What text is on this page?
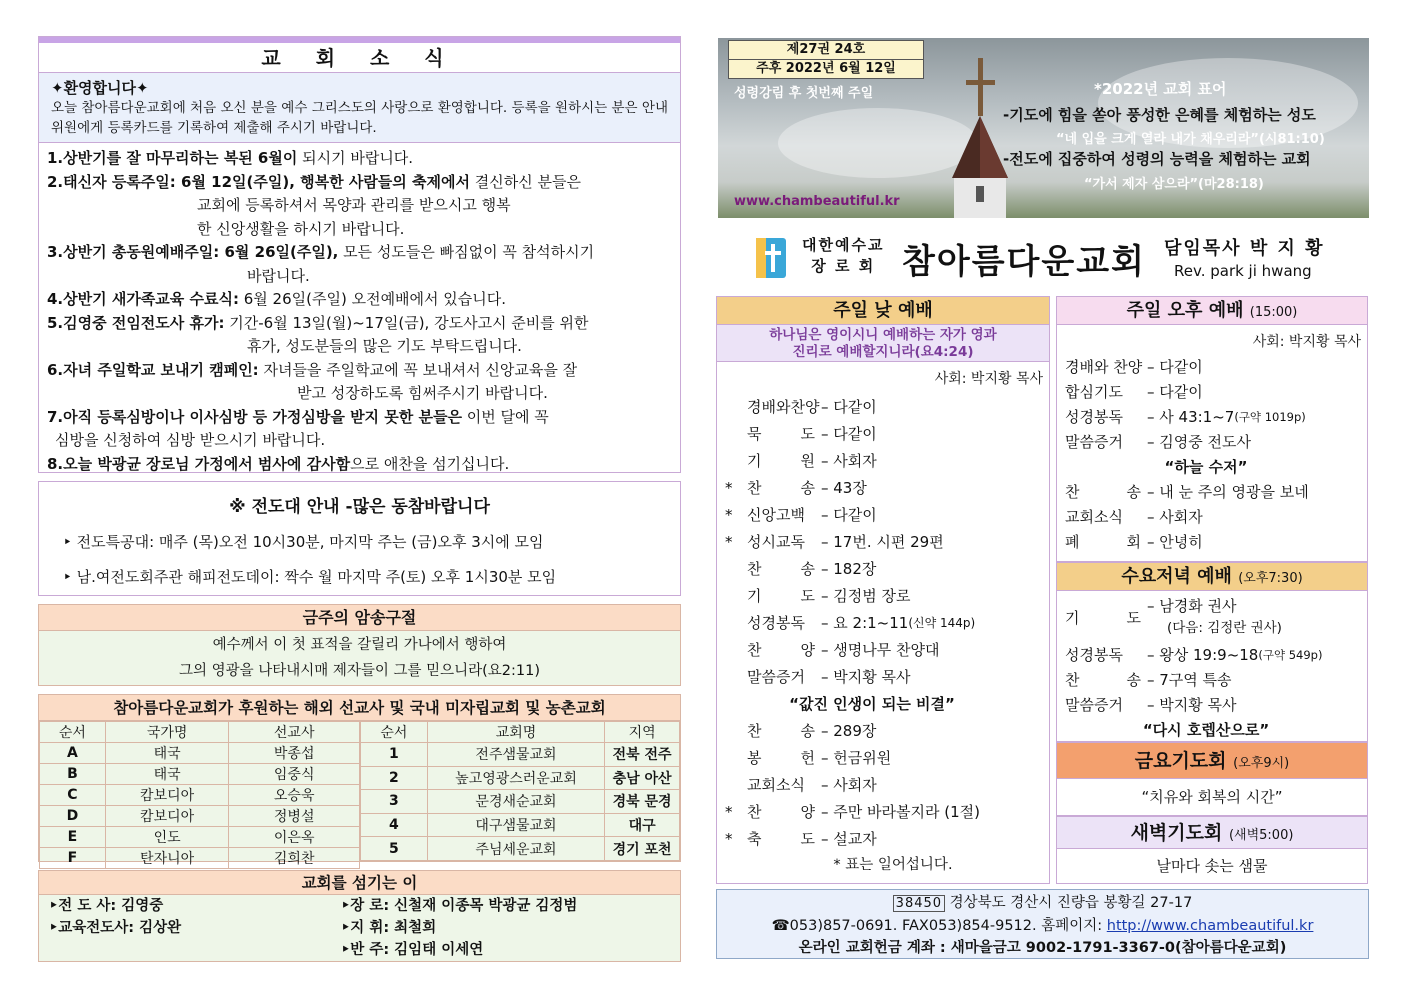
교 회 소 식
✦환영합니다✦
오늘 참아름다운교회에 처음 오신 분을 예수 그리스도의 사랑으로 환영합니다. 등록을 원하시는 분은 안내위원에게 등록카드를 기록하여 제출해 주시기 바랍니다.
1.상반기를 잘 마무리하는 복된 6월이 되시기 바랍니다.
2.태신자 등록주일: 6월 12일(주일), 행복한 사람들의 축제에서 결신하신 분들은
교회에 등록하셔서 목양과 관리를 받으시고 행복한 신앙생활을 하시기 바랍니다.
3.상반기 총동원예배주일: 6월 26일(주일), 모든 성도들은 빠짐없이 꼭 참석하시기
바랍니다.
4.상반기 새가족교육 수료식: 6월 26일(주일) 오전예배에서 있습니다.
5.김영중 전임전도사 휴가: 기간-6월 13일(월)~17일(금), 강도사고시 준비를 위한
휴가, 성도분들의 많은 기도 부탁드립니다.
6.자녀 주일학교 보내기 캠페인: 자녀들을 주일학교에 꼭 보내셔서 신앙교육을 잘
받고 성장하도록 힘써주시기 바랍니다.
7.아직 등록심방이나 이사심방 등 가정심방을 받지 못한 분들은 이번 달에 꼭
심방을 신청하여 심방 받으시기 바랍니다.
8.오늘 박광균 장로님 가정에서 범사에 감사함으로 애찬을 섬기십니다.
※ 전도대 안내 -많은 동참바랍니다
‣ 전도특공대: 매주 (목)오전 10시30분, 마지막 주는 (금)오후 3시에 모임
‣ 남.여전도회주관 해피전도데이: 짝수 월 마지막 주(토) 오후 1시30분 모임
금주의 암송구절
예수께서 이 첫 표적을 갈릴리 가나에서 행하여
그의 영광을 나타내시매 제자들이 그를 믿으니라(요2:11)
참아름다운교회가 후원하는 해외 선교사 및 국내 미자립교회 및 농촌교회
순서	국가명	선교사
A	태국	박종섭
B	태국	임중식
C	캄보디아	오승욱
D	캄보디아	정병설
E	인도	이은옥
F	탄자니아	김희찬
순서	교회명	지역
1	전주샘물교회	전북 전주
2	높고영광스러운교회	충남 아산
3	문경새순교회	경북 문경
4	대구샘물교회	대구
5	주님세운교회	경기 포천
교회를 섬기는 이
‣전 도 사: 김영중
‣교육전도사: 김상완
‣장 로: 신철재 이종목 박광균 김정범
‣지 휘: 최철희
‣반 주: 김임태 이세연
제27권 24호
주후 2022년 6월 12일
성령강림 후 첫번째 주일	*2022년 교회 표어
-기도에 힘을 쏟아 풍성한 은혜를 체험하는 성도
“네 입을 크게 열라 내가 채우리라”(시81:10)
-전도에 집중하여 성령의 능력을 체험하는 교회
“가서 제자 삼으라”(마28:18)
www.chambeautiful.kr
대한예수교
장 로 회 참아름다운교회 담임목사 박 지 황
Rev. park ji hwang
주일 낮 예배
하나님은 영이시니 예배하는 자가 영과
진리로 예배할지니라(요4:24)
사회: 박지황 목사
경배와찬양 – 다같이
묵 도 – 다같이
기 원 – 사회자
* 찬 송 – 43장
* 신앙고백	– 다같이
* 성시교독	– 17번. 시편 29편
찬 송 – 182장
기 도 – 김정범 장로
성경봉독	– 요 2:1~11 (신약 144p)
찬 양 – 생명나무 찬양대
말씀증거	– 박지황 목사
“값진 인생이 되는 비결”
찬 송 – 289장
봉 헌 – 헌금위원
교회소식	– 사회자
* 찬 양 – 주만 바라볼지라 (1절)
* 축 도 – 설교자
* 표는 일어섭니다.
주일 오후 예배 (15:00)
사회: 박지황 목사
경배와 찬양 – 다같이
합심기도	– 다같이
성경봉독	– 사 43:1~7 (구약 1019p)
말씀증거	– 김영중 전도사
“하늘 수저”
찬 송 – 내 눈 주의 영광을 보네
교회소식	– 사회자
폐 회 – 안녕히
수요저녁 예배 (오후7:30)
기 도
– 남경화 권사
(다음: 김정란 권사)
성경봉독	– 왕상 19:9~18 (구약 549p)
찬 송 – 7구역 특송
말씀증거	– 박지황 목사
“다시 호렙산으로”
금요기도회 (오후9시)
“치유와 회복의 시간”
새벽기도회 (새벽5:00)
날마다 솟는 샘물
38450 경상북도 경산시 진량읍 봉황길 27-17
☎053)857-0691. FAX053)854-9512. 홈페이지: http://www.chambeautiful.kr
온라인 교회헌금 계좌 : 새마을금고 9002-1791-3367-0(참아름다운교회)
